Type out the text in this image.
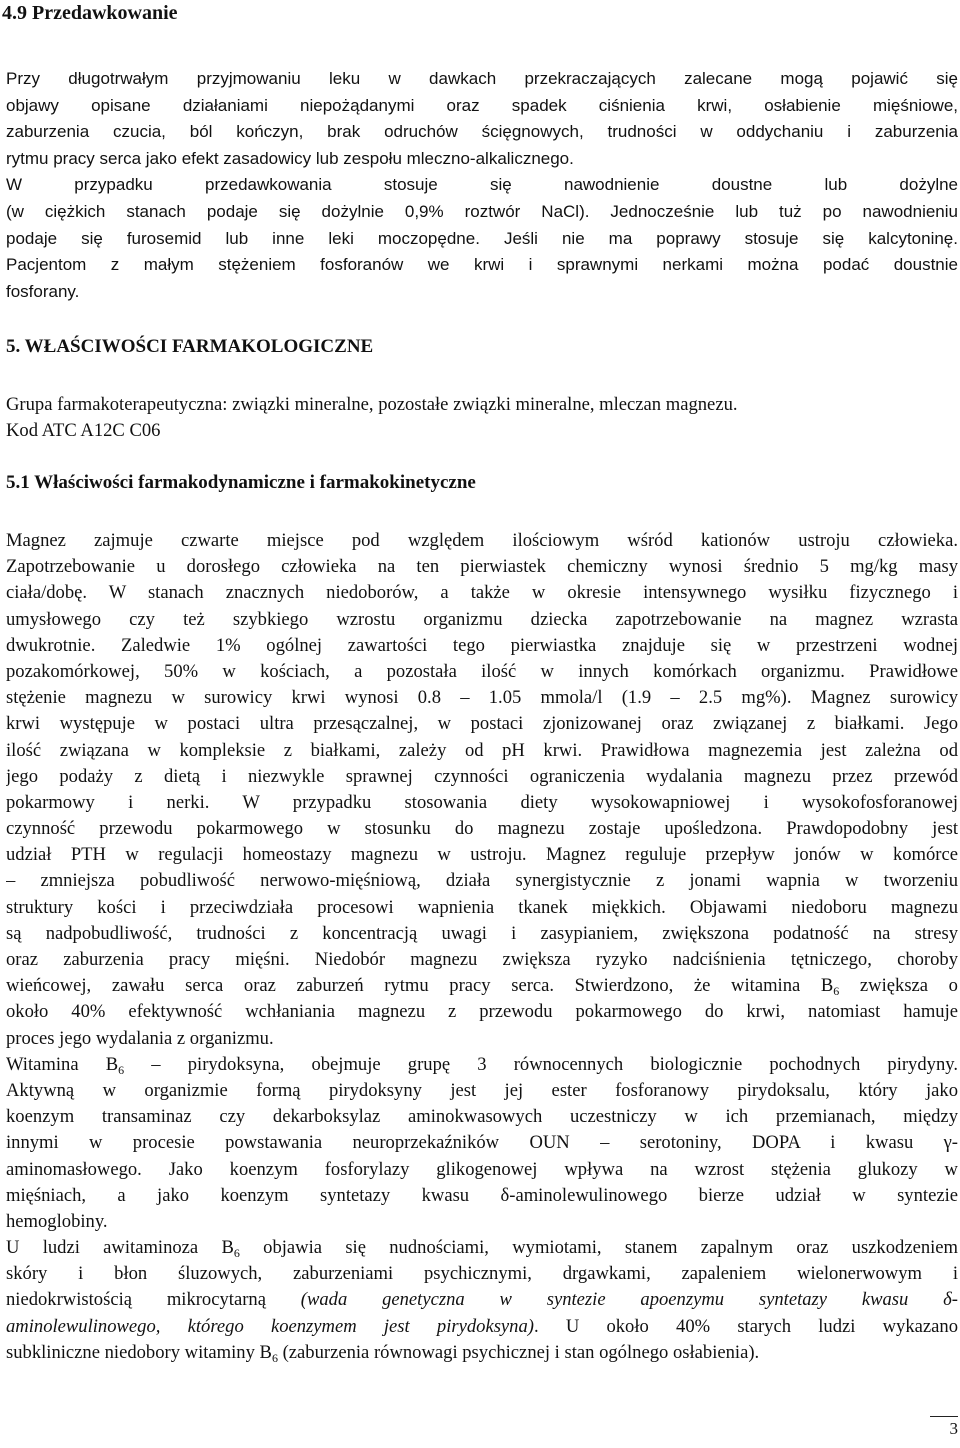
4.9 Przedawkowanie
Przy długotrwałym przyjmowaniu leku w dawkach przekraczających zalecane mogą pojawić się
objawy opisane działaniami niepożądanymi oraz spadek ciśnienia krwi, osłabienie mięśniowe,
zaburzenia czucia, ból kończyn, brak odruchów ścięgnowych, trudności w oddychaniu i zaburzenia
rytmu pracy serca jako efekt zasadowicy lub zespołu mleczno-alkalicznego.
W przypadku przedawkowania stosuje się nawodnienie doustne lub dożylne
(w ciężkich stanach podaje się dożylnie 0,9% roztwór NaCl). Jednocześnie lub tuż po nawodnieniu
podaje się furosemid lub inne leki moczopędne. Jeśli nie ma poprawy stosuje się kalcytoninę.
Pacjentom z małym stężeniem fosforanów we krwi i sprawnymi nerkami można podać doustnie
fosforany.
5. WŁAŚCIWOŚCI FARMAKOLOGICZNE
Grupa farmakoterapeutyczna: związki mineralne, pozostałe związki mineralne, mleczan magnezu.
Kod ATC A12C C06
5.1 Właściwości farmakodynamiczne i farmakokinetyczne
Magnez zajmuje czwarte miejsce pod względem ilościowym wśród kationów ustroju człowieka.
Zapotrzebowanie u dorosłego człowieka na ten pierwiastek chemiczny wynosi średnio 5 mg/kg masy
ciała/dobę. W stanach znacznych niedoborów, a także w okresie intensywnego wysiłku fizycznego i
umysłowego czy też szybkiego wzrostu organizmu dziecka zapotrzebowanie na magnez wzrasta
dwukrotnie. Zaledwie 1% ogólnej zawartości tego pierwiastka znajduje się w przestrzeni wodnej
pozakomórkowej, 50% w kościach, a pozostała ilość w innych komórkach organizmu. Prawidłowe
stężenie magnezu w surowicy krwi wynosi 0.8 – 1.05 mmola/l (1.9 – 2.5 mg%). Magnez surowicy
krwi występuje w postaci ultra przesączalnej, w postaci zjonizowanej oraz związanej z białkami. Jego
ilość związana w kompleksie z białkami, zależy od pH krwi. Prawidłowa magnezemia jest zależna od
jego podaży z dietą i niezwykle sprawnej czynności ograniczenia wydalania magnezu przez przewód
pokarmowy i nerki. W przypadku stosowania diety wysokowapniowej i wysokofosforanowej
czynność przewodu pokarmowego w stosunku do magnezu zostaje upośledzona. Prawdopodobny jest
udział PTH w regulacji homeostazy magnezu w ustroju. Magnez reguluje przepływ jonów w komórce
– zmniejsza pobudliwość nerwowo-mięśniową, działa synergistycznie z jonami wapnia w tworzeniu
struktury kości i przeciwdziała procesowi wapnienia tkanek miękkich. Objawami niedoboru magnezu
są nadpobudliwość, trudności z koncentracją uwagi i zasypianiem, zwiększona podatność na stresy
oraz zaburzenia pracy mięśni. Niedobór magnezu zwiększa ryzyko nadciśnienia tętniczego, choroby
wieńcowej, zawału serca oraz zaburzeń rytmu pracy serca. Stwierdzono, że witamina $B_6$ zwiększa o
około 40% efektywność wchłaniania magnezu z przewodu pokarmowego do krwi, natomiast hamuje
proces jego wydalania z organizmu.
Witamina $B_6$ – pirydoksyna, obejmuje grupę 3 równocennych biologicznie pochodnych pirydyny.
Aktywną w organizmie formą pirydoksyny jest jej ester fosforanowy pirydoksalu, który jako
koenzym transaminaz czy dekarboksylaz aminokwasowych uczestniczy w ich przemianach, między
innymi w procesie powstawania neuroprzekaźników OUN – serotoniny, DOPA i kwasu γ-
aminomasłowego. Jako koenzym fosforylazy glikogenowej wpływa na wzrost stężenia glukozy w
mięśniach, a jako koenzym syntetazy kwasu δ-aminolewulinowego bierze udział w syntezie
hemoglobiny.
U ludzi awitaminoza $B_6$ objawia się nudnościami, wymiotami, stanem zapalnym oraz uszkodzeniem
skóry i błon śluzowych, zaburzeniami psychicznymi, drgawkami, zapaleniem wielonerwowym i
niedokrwistością mikrocytarną (wada genetyczna w syntezie apoenzymu syntetazy kwasu δ-
aminolewulinowego, którego koenzymem jest pirydoksyna). U około 40% starych ludzi wykazano
subkliniczne niedobory witaminy $B_6$ (zaburzenia równowagi psychicznej i stan ogólnego osłabienia).
3
